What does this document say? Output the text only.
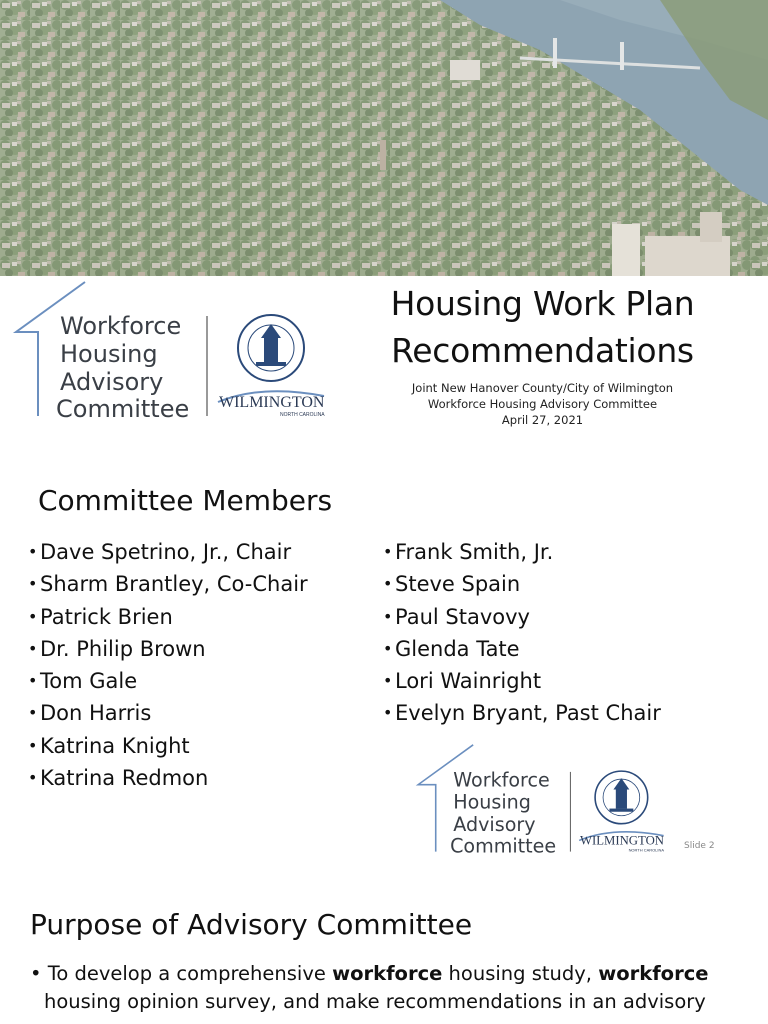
Workforce
Housing
Advisory
Committee WILMINGTON
NORTH CAROLINA
Housing Work Plan
Recommendations
Joint New Hanover County/City of Wilmington
Workforce Housing Advisory Committee
April 27, 2021
Committee Members
• Dave Spetrino, Jr., Chair
• Sharm Brantley, Co-Chair
• Patrick Brien
• Dr. Philip Brown
• Tom Gale
• Don Harris
• Katrina Knight
• Katrina Redmon
• Frank Smith, Jr.
• Steve Spain
• Paul Stavovy
• Glenda Tate
• Lori Wainright
• Evelyn Bryant, Past Chair
Workforce
Housing
Advisory
Committee WILMINGTON
NORTH CAROLINA Slide 2
Purpose of Advisory Committee
• To develop a comprehensive workforce housing study, workforce
housing opinion survey, and make recommendations in an advisory
